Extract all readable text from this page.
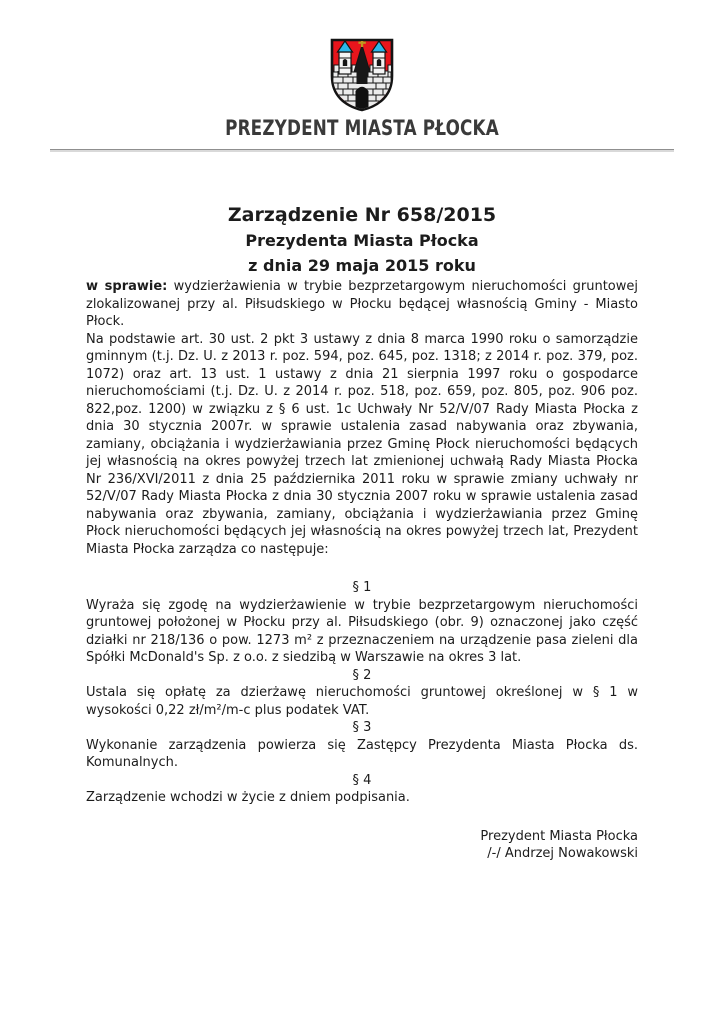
PREZYDENT MIASTA PŁOCKA
Zarządzenie Nr 658/2015
Prezydenta Miasta Płocka
z dnia 29 maja 2015 roku

w sprawie: wydzierżawienia w trybie bezprzetargowym nieruchomości gruntowej zlokalizowanej przy al. Piłsudskiego w Płocku będącej własnością Gminy - Miasto Płock.

Na podstawie art. 30 ust. 2 pkt 3 ustawy z dnia 8 marca 1990 roku o samorządzie gminnym (t.j. Dz. U. z 2013 r. poz. 594, poz. 645, poz. 1318; z 2014 r. poz. 379, poz. 1072) oraz art. 13 ust. 1 ustawy z dnia 21 sierpnia 1997 roku o gospodarce nieruchomościami (t.j. Dz. U. z 2014 r. poz. 518, poz. 659, poz. 805, poz. 906 poz. 822,poz. 1200) w związku z § 6 ust. 1c Uchwały Nr 52/V/07 Rady Miasta Płocka z dnia 30 stycznia 2007r. w sprawie ustalenia zasad nabywania oraz zbywania, zamiany, obciążania i wydzierżawiania przez Gminę Płock nieruchomości będących jej własnością na okres powyżej trzech lat zmienionej uchwałą Rady Miasta Płocka Nr 236/XVI/2011 z dnia 25 października 2011 roku w sprawie zmiany uchwały nr 52/V/07 Rady Miasta Płocka z dnia 30 stycznia 2007 roku w sprawie ustalenia zasad nabywania oraz zbywania, zamiany, obciążania i wydzierżawiania przez Gminę Płock nieruchomości będących jej własnością na okres powyżej trzech lat, Prezydent Miasta Płocka zarządza co następuje:

§ 1

Wyraża się zgodę na wydzierżawienie w trybie bezprzetargowym nieruchomości gruntowej położonej w Płocku przy al. Piłsudskiego (obr. 9) oznaczonej jako część działki nr 218/136 o pow. 1273 m² z przeznaczeniem na urządzenie pasa zieleni dla Spółki McDonald's Sp. z o.o. z siedzibą w Warszawie na okres 3 lat.

§ 2

Ustala się opłatę za dzierżawę nieruchomości gruntowej określonej w § 1 w wysokości 0,22 zł/m²/m-c plus podatek VAT.

§ 3

Wykonanie zarządzenia powierza się Zastępcy Prezydenta Miasta Płocka ds. Komunalnych.

§ 4

Zarządzenie wchodzi w życie z dniem podpisania.

Prezydent Miasta Płocka
/-/ Andrzej Nowakowski
